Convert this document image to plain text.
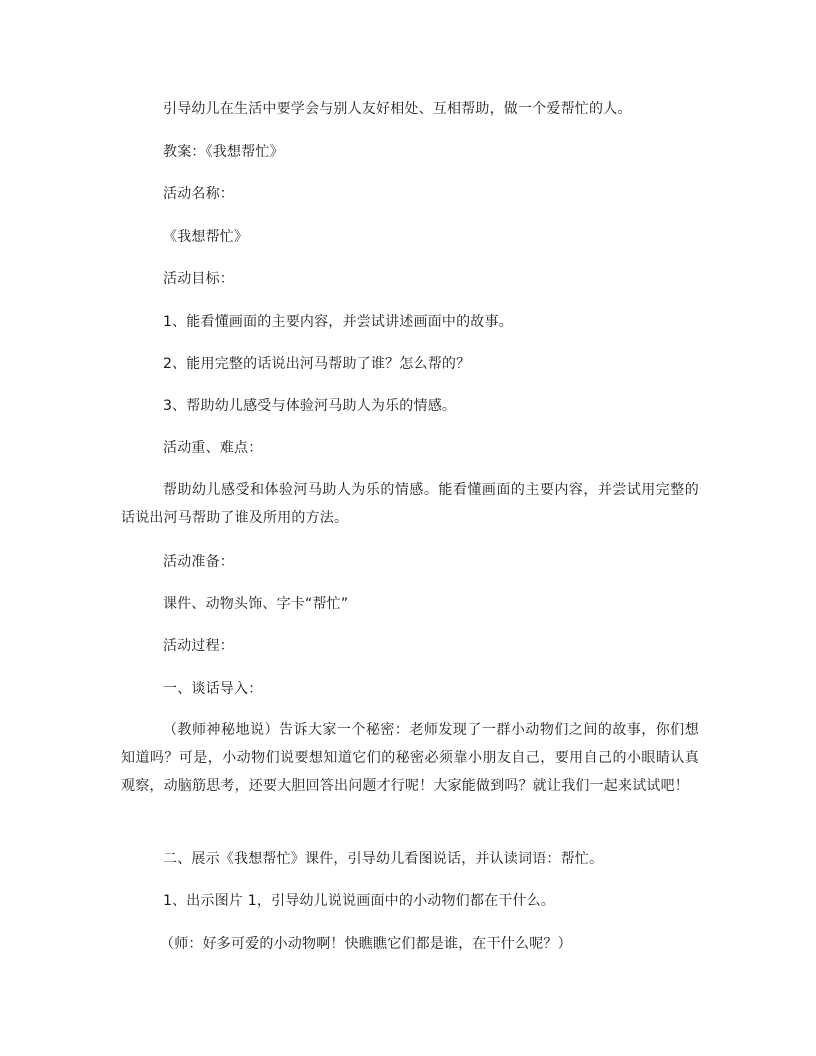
引导幼儿在生活中要学会与别人友好相处、互相帮助，做一个爱帮忙的人。
教案：《我想帮忙》
活动名称：
《我想帮忙》
活动目标：
1、能看懂画面的主要内容，并尝试讲述画面中的故事。
2、能用完整的话说出河马帮助了谁？怎么帮的？
3、帮助幼儿感受与体验河马助人为乐的情感。
活动重、难点：
帮助幼儿感受和体验河马助人为乐的情感。能看懂画面的主要内容，并尝试用完整的话说出河马帮助了谁及所用的方法。
活动准备：
课件、动物头饰、字卡“帮忙”
活动过程：
一、谈话导入：
（教师神秘地说）告诉大家一个秘密：老师发现了一群小动物们之间的故事，你们想知道吗？可是，小动物们说要想知道它们的秘密必须靠小朋友自己，要用自己的小眼睛认真观察，动脑筋思考，还要大胆回答出问题才行呢！大家能做到吗？就让我们一起来试试吧！
二、展示《我想帮忙》课件，引导幼儿看图说话，并认读词语：帮忙。
1、出示图片 1，引导幼儿说说画面中的小动物们都在干什么。
（师：好多可爱的小动物啊！快瞧瞧它们都是谁，在干什么呢？）
